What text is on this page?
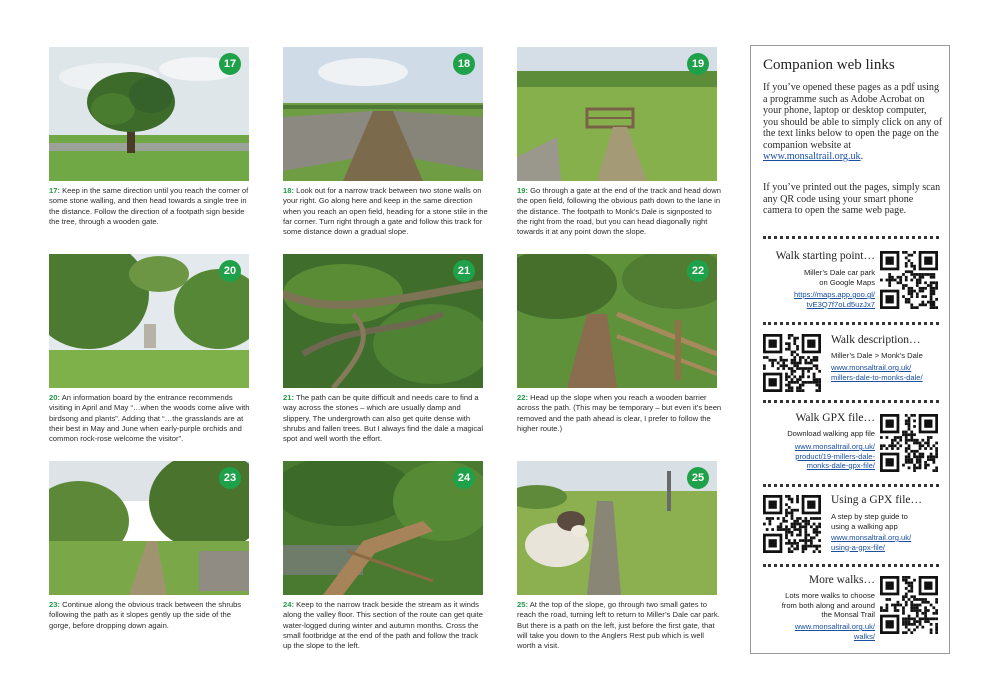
17	18	19
20	21	22
23	24	25
17: Keep in the same direction until you reach the corner of some stone walling, and then head towards a single tree in the distance. Follow the direction of a footpath sign beside the tree, through a wooden gate.
18: Look out for a narrow track between two stone walls on your right. Go along here and keep in the same direction when you reach an open field, heading for a stone stile in the far corner. Turn right through a gate and follow this track for some distance down a gradual slope.
19: Go through a gate at the end of the track and head down the open field, following the obvious path down to the lane in the distance. The footpath to Monk’s Dale is signposted to the right from the road, but you can head diagonally right towards it at any point down the slope.
20: An information board by the entrance recommends visiting in April and May “…when the woods come alive with birdsong and plants”. Adding that “…the grasslands are at their best in May and June when early-purple orchids and common rock-rose welcome the visitor”.
21: The path can be quite difficult and needs care to find a way across the stones – which are usually damp and slippery. The undergrowth can also get quite dense with shrubs and fallen trees. But I always find the dale a magical spot and well worth the effort.
22: Head up the slope when you reach a wooden barrier across the path. (This may be temporary – but even it’s been removed and the path ahead is clear, I prefer to follow the higher route.)
23: Continue along the obvious track between the shrubs following the path as it slopes gently up the side of the gorge, before dropping down again.
24: Keep to the narrow track beside the stream as it winds along the valley floor. This section of the route can get quite water-logged during winter and autumn months. Cross the small footbridge at the end of the path and follow the track up the slope to the left.
25: At the top of the slope, go through two small gates to reach the road, turning left to return to Miller’s Dale car park. But there is a path on the left, just before the first gate, that will take you down to the Anglers Rest pub which is well worth a visit.
Companion web links
If you’ve opened these pages as a pdf using a programme such as Adobe Acrobat on your phone, laptop or desktop computer, you should be able to simply click on any of the text links below to open the page on the companion website at www.monsaltrail.org.uk.
If you’ve printed out the pages, simply scan any QR code using your smart phone camera to open the same web page.
Walk starting point…
Miller’s Dale car park
on Google Maps
https://maps.app.goo.gl/
tvE3Q7f7oLd5uzJx7
Walk description…
Miller’s Dale > Monk’s Dale
www.monsaltrail.org.uk/
millers-dale-to-monks-dale/
Walk GPX file…
Download walking app file
www.monsaltrail.org.uk/
product/19-millers-dale-
monks-dale-gpx-file/
Using a GPX file…
A step by step guide to
using a walking app
www.monsaltrail.org.uk/
using-a-gpx-file/
More walks…
Lots more walks to choose
from both along and around
the Monsal Trail
www.monsaltrail.org.uk/
walks/
